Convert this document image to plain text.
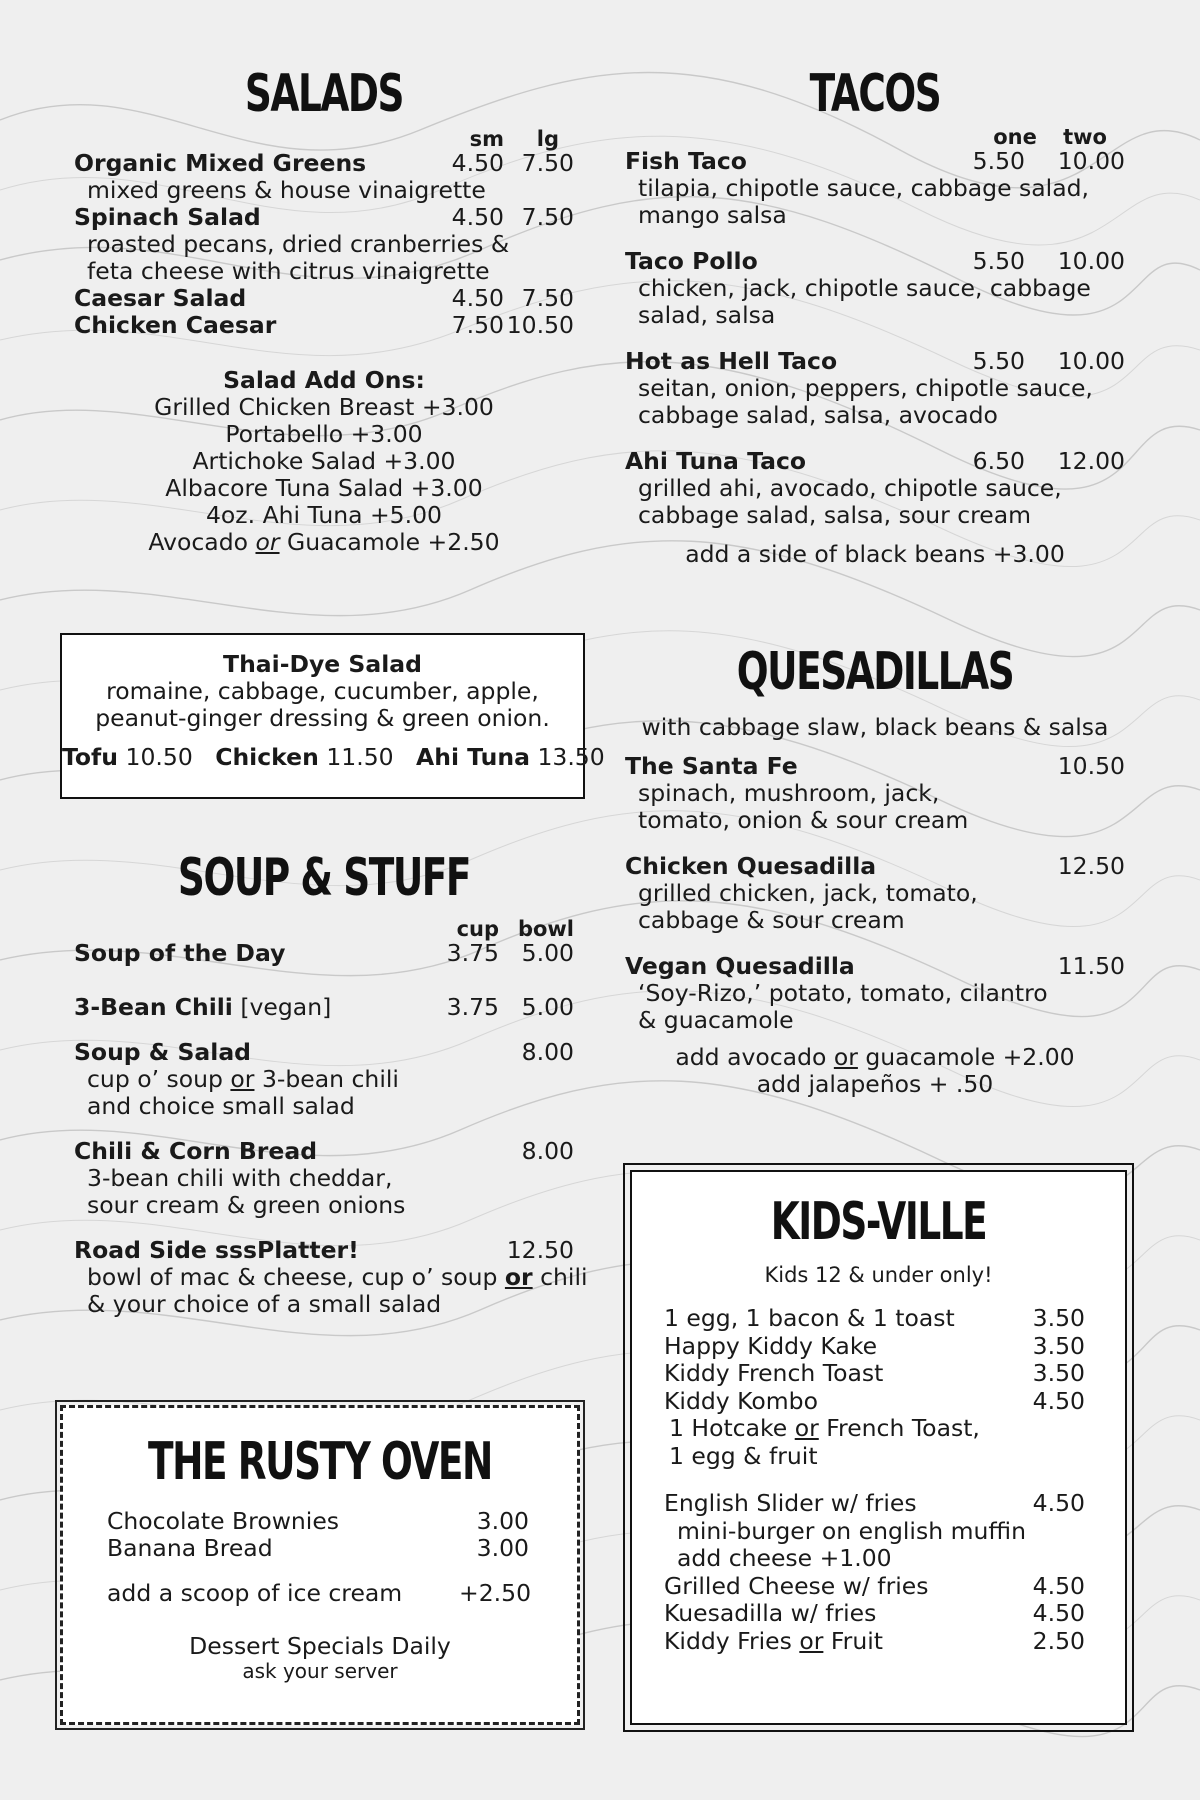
SALADS
sm	lg
Organic Mixed Greens	4.50 7.50
mixed greens & house vinaigrette
Spinach Salad	4.50 7.50
roasted pecans, dried cranberries &
feta cheese with citrus vinaigrette
Caesar Salad	4.50 7.50
Chicken Caesar	7.50 10.50
Salad Add Ons:
Grilled Chicken Breast +3.00
Portabello +3.00
Artichoke Salad +3.00
Albacore Tuna Salad +3.00
4oz. Ahi Tuna +5.00
Avocado or Guacamole +2.50
Thai-Dye Salad
romaine, cabbage, cucumber, apple,
peanut-ginger dressing & green onion.
Tofu 10.50 Chicken 11.50 Ahi Tuna 13.50
SOUP & STUFF
cup bowl
Soup of the Day	3.75 5.00
3-Bean Chili [vegan]	3.75 5.00
Soup & Salad	8.00
cup o’ soup or 3-bean chili
and choice small salad
Chili & Corn Bread	8.00
3-bean chili with cheddar,
sour cream & green onions
Road Side sssPlatter!	12.50
bowl of mac & cheese, cup o’ soup or chili
& your choice of a small salad
THE RUSTY OVEN
Chocolate Brownies	3.00
Banana Bread	3.00
add a scoop of ice cream	+2.50
Dessert Specials Daily
ask your server
TACOS
one	two
Fish Taco	5.50	10.00
tilapia, chipotle sauce, cabbage salad,
mango salsa
Taco Pollo	5.50	10.00
chicken, jack, chipotle sauce, cabbage
salad, salsa
Hot as Hell Taco	5.50	10.00
seitan, onion, peppers, chipotle sauce,
cabbage salad, salsa, avocado
Ahi Tuna Taco	6.50	12.00
grilled ahi, avocado, chipotle sauce,
cabbage salad, salsa, sour cream
add a side of black beans +3.00
QUESADILLAS
with cabbage slaw, black beans & salsa
The Santa Fe	10.50
spinach, mushroom, jack,
tomato, onion & sour cream
Chicken Quesadilla	12.50
grilled chicken, jack, tomato,
cabbage & sour cream
Vegan Quesadilla	11.50
‘Soy-Rizo,’ potato, tomato, cilantro
& guacamole
add avocado or guacamole +2.00
add jalapeños + .50
KIDS-VILLE
Kids 12 & under only!
1 egg, 1 bacon & 1 toast	3.50
Happy Kiddy Kake	3.50
Kiddy French Toast	3.50
Kiddy Kombo	4.50
1 Hotcake or French Toast,
1 egg & fruit
English Slider w/ fries	4.50
mini-burger on english muffin
add cheese +1.00
Grilled Cheese w/ fries	4.50
Kuesadilla w/ fries	4.50
Kiddy Fries or Fruit	2.50
